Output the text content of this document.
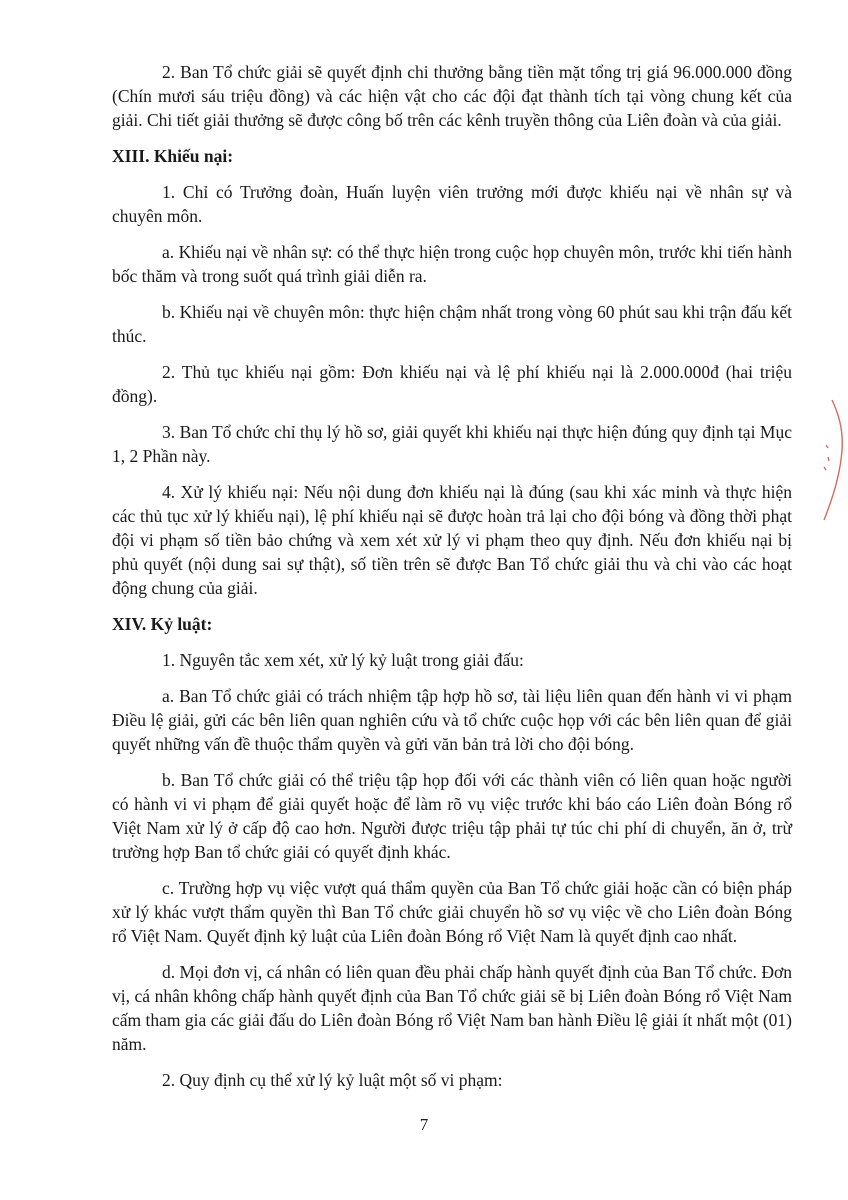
2. Ban Tổ chức giải sẽ quyết định chi thưởng bằng tiền mặt tổng trị giá 96.000.000 đồng (Chín mươi sáu triệu đồng) và các hiện vật cho các đội đạt thành tích tại vòng chung kết của giải. Chi tiết giải thưởng sẽ được công bố trên các kênh truyền thông của Liên đoàn và của giải.

XIII. Khiếu nại:

1. Chỉ có Trưởng đoàn, Huấn luyện viên trưởng mới được khiếu nại về nhân sự và chuyên môn.

a. Khiếu nại về nhân sự: có thể thực hiện trong cuộc họp chuyên môn, trước khi tiến hành bốc thăm và trong suốt quá trình giải diễn ra.

b. Khiếu nại về chuyên môn: thực hiện chậm nhất trong vòng 60 phút sau khi trận đấu kết thúc.

2. Thủ tục khiếu nại gồm: Đơn khiếu nại và lệ phí khiếu nại là 2.000.000đ (hai triệu đồng).

3. Ban Tổ chức chỉ thụ lý hồ sơ, giải quyết khi khiếu nại thực hiện đúng quy định tại Mục 1, 2 Phần này.

4. Xử lý khiếu nại: Nếu nội dung đơn khiếu nại là đúng (sau khi xác minh và thực hiện các thủ tục xử lý khiếu nại), lệ phí khiếu nại sẽ được hoàn trả lại cho đội bóng và đồng thời phạt đội vi phạm số tiền bảo chứng và xem xét xử lý vi phạm theo quy định. Nếu đơn khiếu nại bị phủ quyết (nội dung sai sự thật), số tiền trên sẽ được Ban Tổ chức giải thu và chi vào các hoạt động chung của giải.

XIV. Kỷ luật:

1. Nguyên tắc xem xét, xử lý kỷ luật trong giải đấu:

a. Ban Tổ chức giải có trách nhiệm tập hợp hồ sơ, tài liệu liên quan đến hành vi vi phạm Điều lệ giải, gửi các bên liên quan nghiên cứu và tổ chức cuộc họp với các bên liên quan để giải quyết những vấn đề thuộc thẩm quyền và gửi văn bản trả lời cho đội bóng.

b. Ban Tổ chức giải có thể triệu tập họp đối với các thành viên có liên quan hoặc người có hành vi vi phạm để giải quyết hoặc để làm rõ vụ việc trước khi báo cáo Liên đoàn Bóng rổ Việt Nam xử lý ở cấp độ cao hơn. Người được triệu tập phải tự túc chi phí di chuyển, ăn ở, trừ trường hợp Ban tổ chức giải có quyết định khác.

c. Trường hợp vụ việc vượt quá thẩm quyền của Ban Tổ chức giải hoặc cần có biện pháp xử lý khác vượt thẩm quyền thì Ban Tổ chức giải chuyển hồ sơ vụ việc về cho Liên đoàn Bóng rổ Việt Nam. Quyết định kỷ luật của Liên đoàn Bóng rổ Việt Nam là quyết định cao nhất.

d. Mọi đơn vị, cá nhân có liên quan đều phải chấp hành quyết định của Ban Tổ chức. Đơn vị, cá nhân không chấp hành quyết định của Ban Tổ chức giải sẽ bị Liên đoàn Bóng rổ Việt Nam cấm tham gia các giải đấu do Liên đoàn Bóng rổ Việt Nam ban hành Điều lệ giải ít nhất một (01) năm.

2. Quy định cụ thể xử lý kỷ luật một số vi phạm:

7
